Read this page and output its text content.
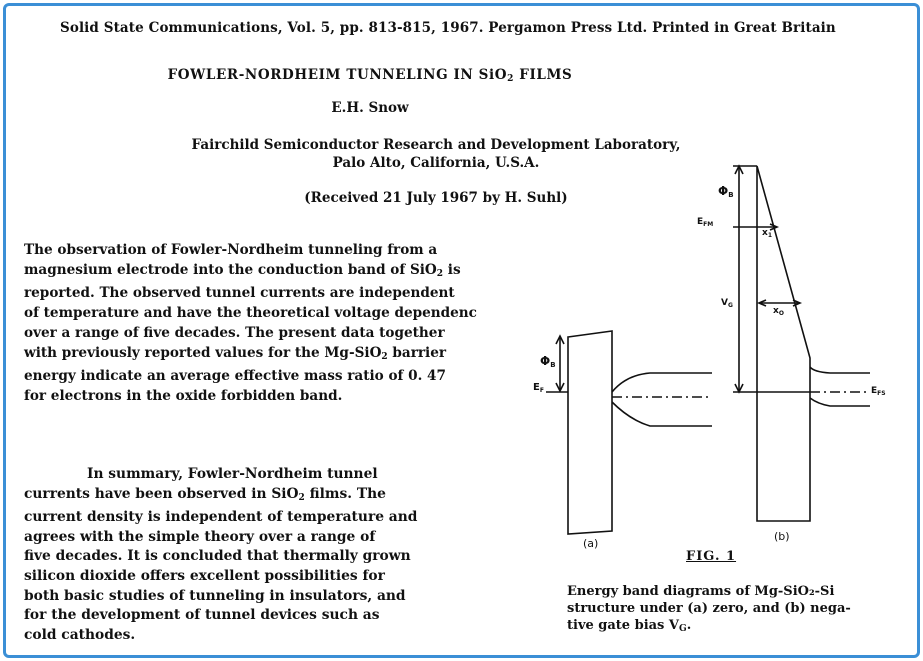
Solid State Communications, Vol. 5, pp. 813-815, 1967. Pergamon Press Ltd. Printed in Great Britain
FOWLER-NORDHEIM TUNNELING IN SiO$_2$ FILMS
E.H. Snow
Fairchild Semiconductor Research and Development Laboratory,
Palo Alto, California, U.S.A.
(Received 21 July 1967 by H. Suhl)
The observation of Fowler-Nordheim tunneling from a
magnesium electrode into the conduction band of SiO$_2$ is
reported. The observed tunnel currents are independent
of temperature and have the theoretical voltage dependenc
over a range of five decades. The present data together
with previously reported values for the Mg-SiO$_2$ barrier
energy indicate an average effective mass ratio of 0. 47
for electrons in the oxide forbidden band.
In summary, Fowler-Nordheim tunnel
currents have been observed in SiO$_2$ films. The
current density is independent of temperature and
agrees with the simple theory over a range of
five decades. It is concluded that thermally grown
silicon dioxide offers excellent possibilities for
both basic studies of tunneling in insulators, and
for the development of tunnel devices such as
cold cathodes.
$\Phi_B$
$E_F$
(a)
$\Phi_B$
$E_{FM}$
$x_1$
$V_G$
$x_O$
$E_{FS}$
(b)
FIG. 1
Energy band diagrams of Mg-SiO₂-Si
structure under (a) zero, and (b) nega-
tive gate bias $V_G$.
